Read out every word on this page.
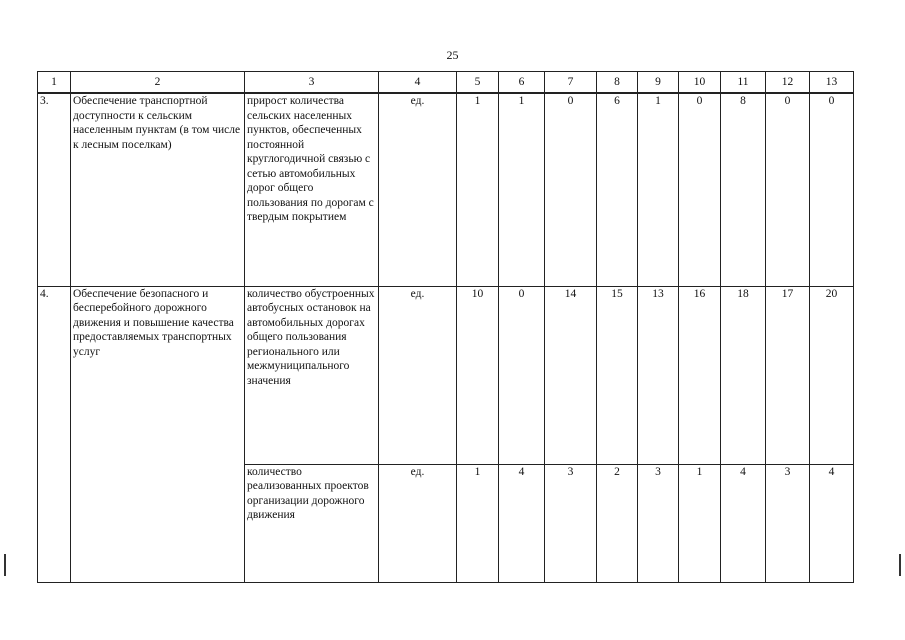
25
1	2	3	4	5	6	7	8	9	10	11	12	13
3.	Обеспечение транспортной доступности к сельским населенным пунктам (в том числе к лесным поселкам)	прирост количества сельских населенных пунктов, обеспеченных постоянной круглогодичной связью с сетью автомобильных дорог общего пользования по дорогам с твердым покрытием	ед.	1	1	0	6	1	0	8	0	0
4.	Обеспечение безопасного и бесперебойного дорожного движения и повышение качества предоставляемых транспортных услуг	количество обустроенных автобусных остановок на автомобильных дорогах общего пользования регионального или межмуниципального значения	ед.	10	0	14	15	13	16	18	17	20
		количество реализованных проектов организации дорожного движения	ед.	1	4	3	2	3	1	4	3	4
